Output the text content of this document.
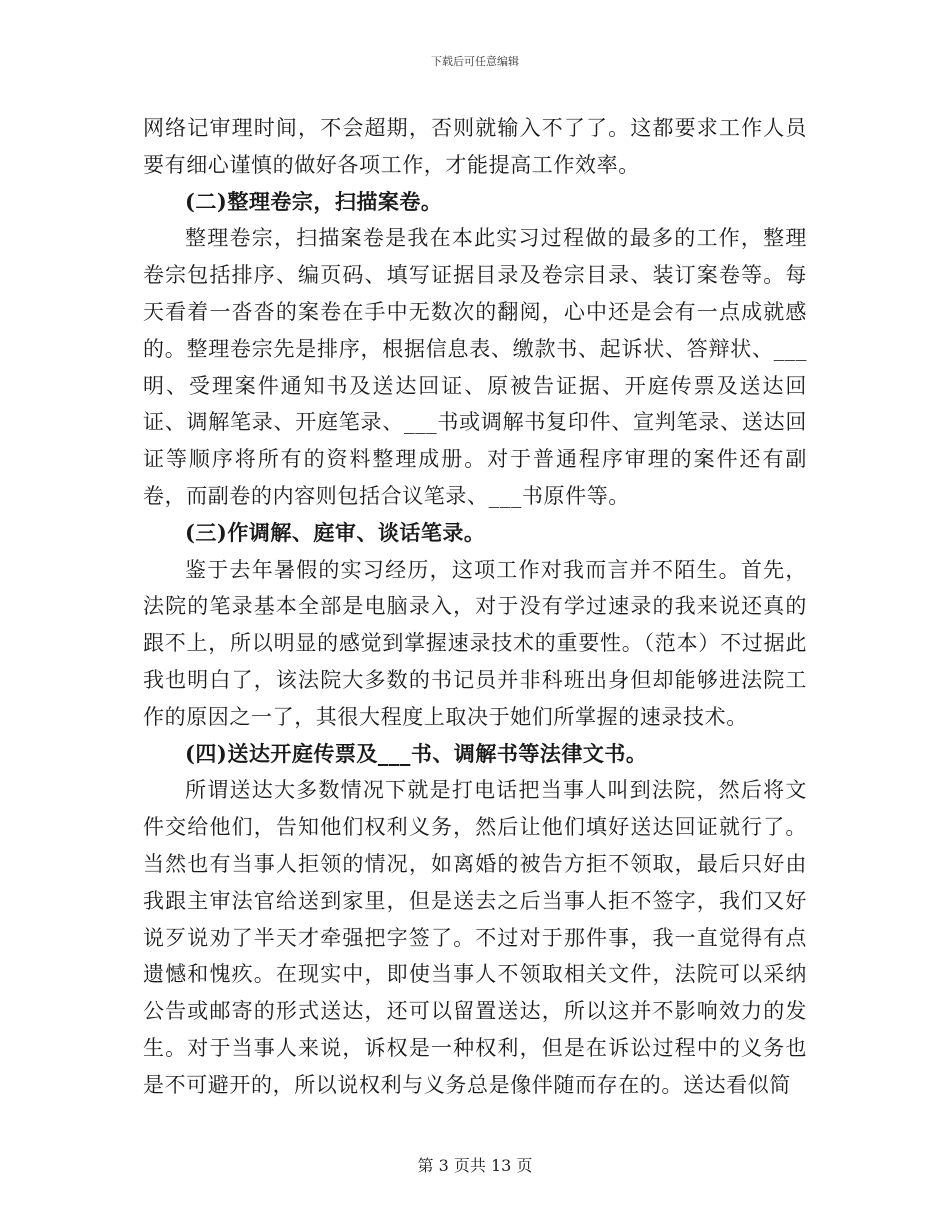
下载后可任意编辑

网络记审理时间，不会超期，否则就输入不了了。这都要求工作人员要有细心谨慎的做好各项工作，才能提高工作效率。

(二)整理卷宗，扫描案卷。

整理卷宗，扫描案卷是我在本此实习过程做的最多的工作，整理卷宗包括排序、编页码、填写证据目录及卷宗目录、装订案卷等。每天看着一沓沓的案卷在手中无数次的翻阅，心中还是会有一点成就感的。整理卷宗先是排序，根据信息表、缴款书、起诉状、答辩状、___明、受理案件通知书及送达回证、原被告证据、开庭传票及送达回证、调解笔录、开庭笔录、___书或调解书复印件、宣判笔录、送达回证等顺序将所有的资料整理成册。对于普通程序审理的案件还有副卷，而副卷的内容则包括合议笔录、___书原件等。

(三)作调解、庭审、谈话笔录。

鉴于去年暑假的实习经历，这项工作对我而言并不陌生。首先，法院的笔录基本全部是电脑录入，对于没有学过速录的我来说还真的跟不上，所以明显的感觉到掌握速录技术的重要性。（范本）不过据此我也明白了，该法院大多数的书记员并非科班出身但却能够进法院工作的原因之一了，其很大程度上取决于她们所掌握的速录技术。

(四)送达开庭传票及___书、调解书等法律文书。

所谓送达大多数情况下就是打电话把当事人叫到法院，然后将文件交给他们，告知他们权利义务，然后让他们填好送达回证就行了。当然也有当事人拒领的情况，如离婚的被告方拒不领取，最后只好由我跟主审法官给送到家里，但是送去之后当事人拒不签字，我们又好说歹说劝了半天才牵强把字签了。不过对于那件事，我一直觉得有点遗憾和愧疚。在现实中，即使当事人不领取相关文件，法院可以采纳公告或邮寄的形式送达，还可以留置送达，所以这并不影响效力的发生。对于当事人来说，诉权是一种权利，但是在诉讼过程中的义务也是不可避开的，所以说权利与义务总是像伴随而存在的。送达看似简

第 3 页共 13 页
